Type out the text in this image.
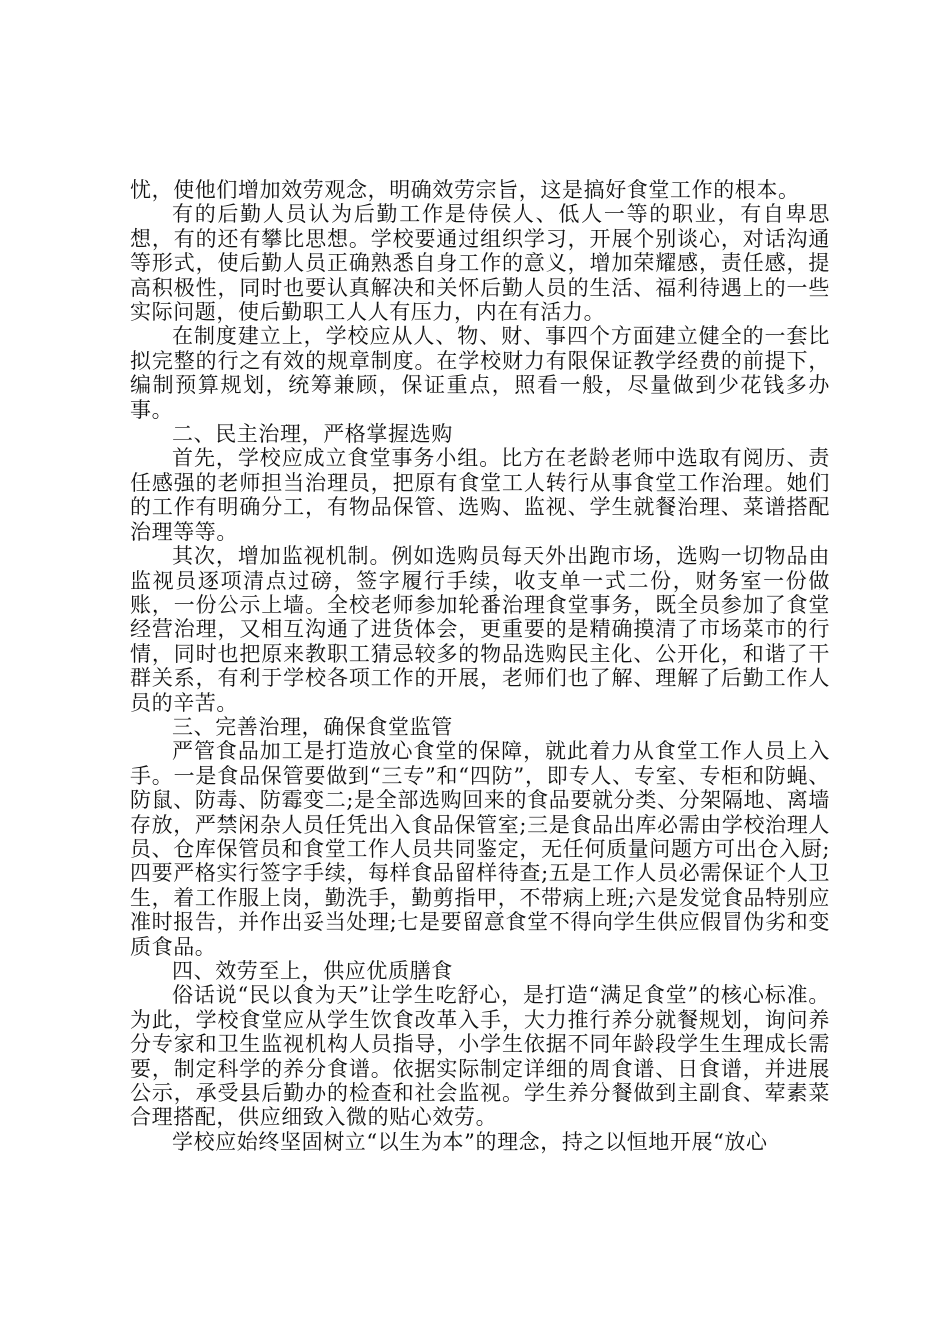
忧，使他们增加效劳观念，明确效劳宗旨，这是搞好食堂工作的根本。

有的后勤人员认为后勤工作是侍侯人、低人一等的职业，有自卑思想，有的还有攀比思想。学校要通过组织学习，开展个别谈心，对话沟通等形式，使后勤人员正确熟悉自身工作的意义，增加荣耀感，责任感，提高积极性，同时也要认真解决和关怀后勤人员的生活、福利待遇上的一些实际问题，使后勤职工人人有压力，内在有活力。

在制度建立上，学校应从人、物、财、事四个方面建立健全的一套比拟完整的行之有效的规章制度。在学校财力有限保证教学经费的前提下，编制预算规划，统筹兼顾，保证重点，照看一般，尽量做到少花钱多办事。

二、民主治理，严格掌握选购

首先，学校应成立食堂事务小组。比方在老龄老师中选取有阅历、责任感强的老师担当治理员，把原有食堂工人转行从事食堂工作治理。她们的工作有明确分工，有物品保管、选购、监视、学生就餐治理、菜谱搭配治理等等。

其次，增加监视机制。例如选购员每天外出跑市场，选购一切物品由监视员逐项清点过磅，签字履行手续，收支单一式二份，财务室一份做账，一份公示上墙。全校老师参加轮番治理食堂事务，既全员参加了食堂经营治理，又相互沟通了进货体会，更重要的是精确摸清了市场菜市的行情，同时也把原来教职工猜忌较多的物品选购民主化、公开化，和谐了干群关系，有利于学校各项工作的开展，老师们也了解、理解了后勤工作人员的辛苦。

三、完善治理，确保食堂监管

严管食品加工是打造放心食堂的保障，就此着力从食堂工作人员上入手。一是食品保管要做到“三专”和“四防”，即专人、专室、专柜和防蝇、防鼠、防毒、防霉变二;是全部选购回来的食品要就分类、分架隔地、离墙存放，严禁闲杂人员任凭出入食品保管室;三是食品出库必需由学校治理人员、仓库保管员和食堂工作人员共同鉴定，无任何质量问题方可出仓入厨;四要严格实行签字手续，每样食品留样待查;五是工作人员必需保证个人卫生，着工作服上岗，勤洗手，勤剪指甲，不带病上班;六是发觉食品特别应准时报告，并作出妥当处理;七是要留意食堂不得向学生供应假冒伪劣和变质食品。

四、效劳至上，供应优质膳食

俗话说“民以食为天”让学生吃舒心，是打造“满足食堂”的核心标准。为此，学校食堂应从学生饮食改革入手，大力推行养分就餐规划，询问养分专家和卫生监视机构人员指导，小学生依据不同年龄段学生生理成长需要，制定科学的养分食谱。依据实际制定详细的周食谱、日食谱，并进展公示，承受县后勤办的检查和社会监视。学生养分餐做到主副食、荤素菜合理搭配，供应细致入微的贴心效劳。

学校应始终坚固树立“以生为本”的理念，持之以恒地开展“放心
